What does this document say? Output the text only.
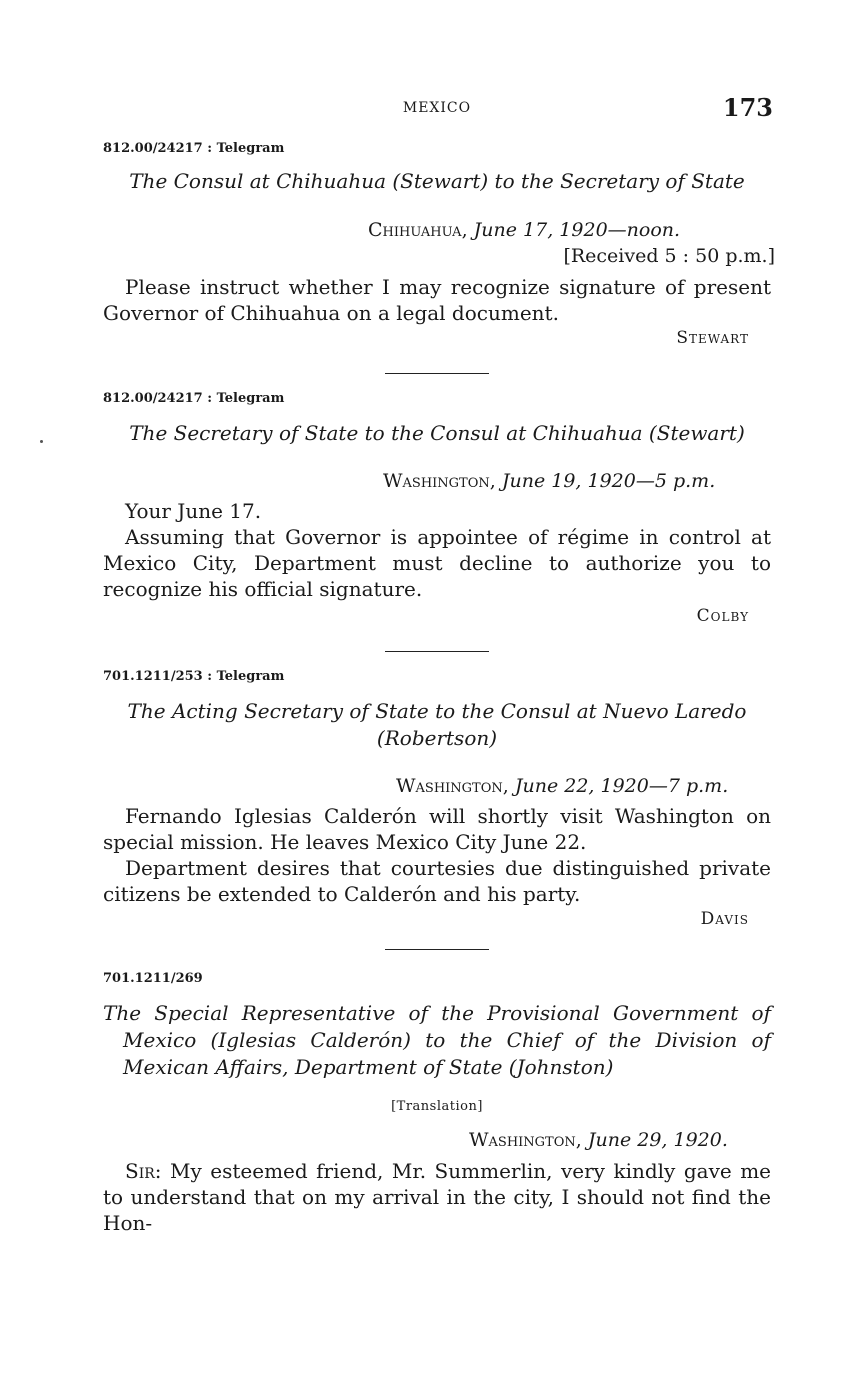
MEXICO	173
812.00/24217 : Telegram
The Consul at Chihuahua (Stewart) to the Secretary of State
Chihuahua, June 17, 1920—noon.
[Received 5 : 50 p.m.]

Please instruct whether I may recognize signature of present Governor of Chihuahua on a legal document.

Stewart
812.00/24217 : Telegram
The Secretary of State to the Consul at Chihuahua (Stewart)
Washington, June 19, 1920—5 p.m.

Your June 17.

Assuming that Governor is appointee of régime in control at Mexico City, Department must decline to authorize you to recognize his official signature.

Colby
701.1211/253 : Telegram
The Acting Secretary of State to the Consul at Nuevo Laredo (Robertson)
Washington, June 22, 1920—7 p.m.

Fernando Iglesias Calderón will shortly visit Washington on special mission. He leaves Mexico City June 22.

Department desires that courtesies due distinguished private citizens be extended to Calderón and his party.

Davis
701.1211/269
The Special Representative of the Provisional Government of Mexico (Iglesias Calderón) to the Chief of the Division of Mexican Affairs, Department of State (Johnston)
[Translation]
Washington, June 29, 1920.

Sir: My esteemed friend, Mr. Summerlin, very kindly gave me to understand that on my arrival in the city, I should not find the Hon-
